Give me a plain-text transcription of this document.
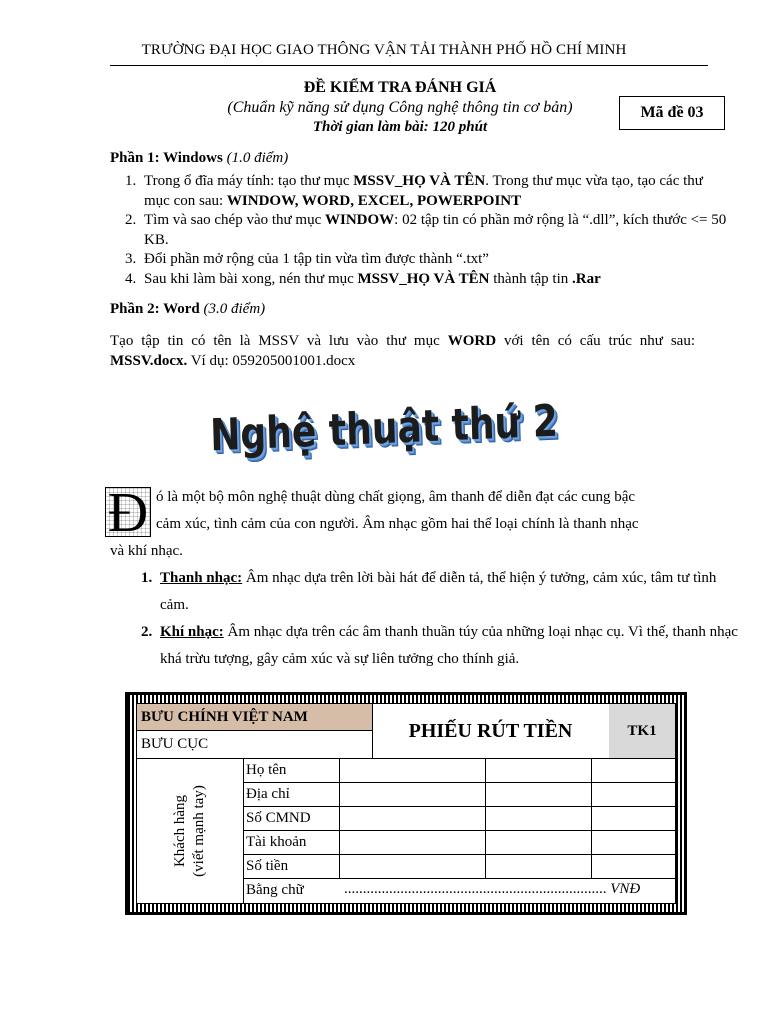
TRƯỜNG ĐẠI HỌC GIAO THÔNG VẬN TẢI THÀNH PHỐ HỒ CHÍ MINH
ĐỀ KIỂM TRA ĐÁNH GIÁ
(Chuẩn kỹ năng sử dụng Công nghệ thông tin cơ bản)
Thời gian làm bài: 120 phút
Mã đề 03
Phần 1: Windows (1.0 điểm)
1. Trong ổ đĩa máy tính: tạo thư mục MSSV_HỌ VÀ TÊN. Trong thư mục vừa tạo, tạo các thư mục con sau: WINDOW, WORD, EXCEL, POWERPOINT
2. Tìm và sao chép vào thư mục WINDOW: 02 tập tin có phần mở rộng là “.dll”, kích thước <= 50 KB.
3. Đổi phần mở rộng của 1 tập tin vừa tìm được thành “.txt”
4. Sau khi làm bài xong, nén thư mục MSSV_HỌ VÀ TÊN thành tập tin .Rar
Phần 2: Word (3.0 điểm)
Tạo tập tin có tên là MSSV và lưu vào thư mục WORD với tên có cấu trúc như sau: MSSV.docx. Ví dụ: 059205001001.docx
Nghệ thuật thứ 2
Đ ó là một bộ môn nghệ thuật dùng chất giọng, âm thanh để diễn đạt các cung bậc
cảm xúc, tình cảm của con người. Âm nhạc gồm hai thể loại chính là thanh nhạc
và khí nhạc.
1. Thanh nhạc: Âm nhạc dựa trên lời bài hát để diễn tả, thể hiện ý tưởng, cảm xúc, tâm tư tình cảm.
2. Khí nhạc: Âm nhạc dựa trên các âm thanh thuần túy của những loại nhạc cụ. Vì thế, thanh nhạc khá trừu tượng, gây cảm xúc và sự liên tưởng cho thính giả.
BƯU CHÍNH VIỆT NAM
BƯU CỤC
PHIẾU RÚT TIỀN	TK1
Khách hàng (viết mạnh tay)
Họ tên
Địa chỉ
Số CMND
Tài khoản
Số tiền
Bằng chữ	...................................................................... VNĐ
